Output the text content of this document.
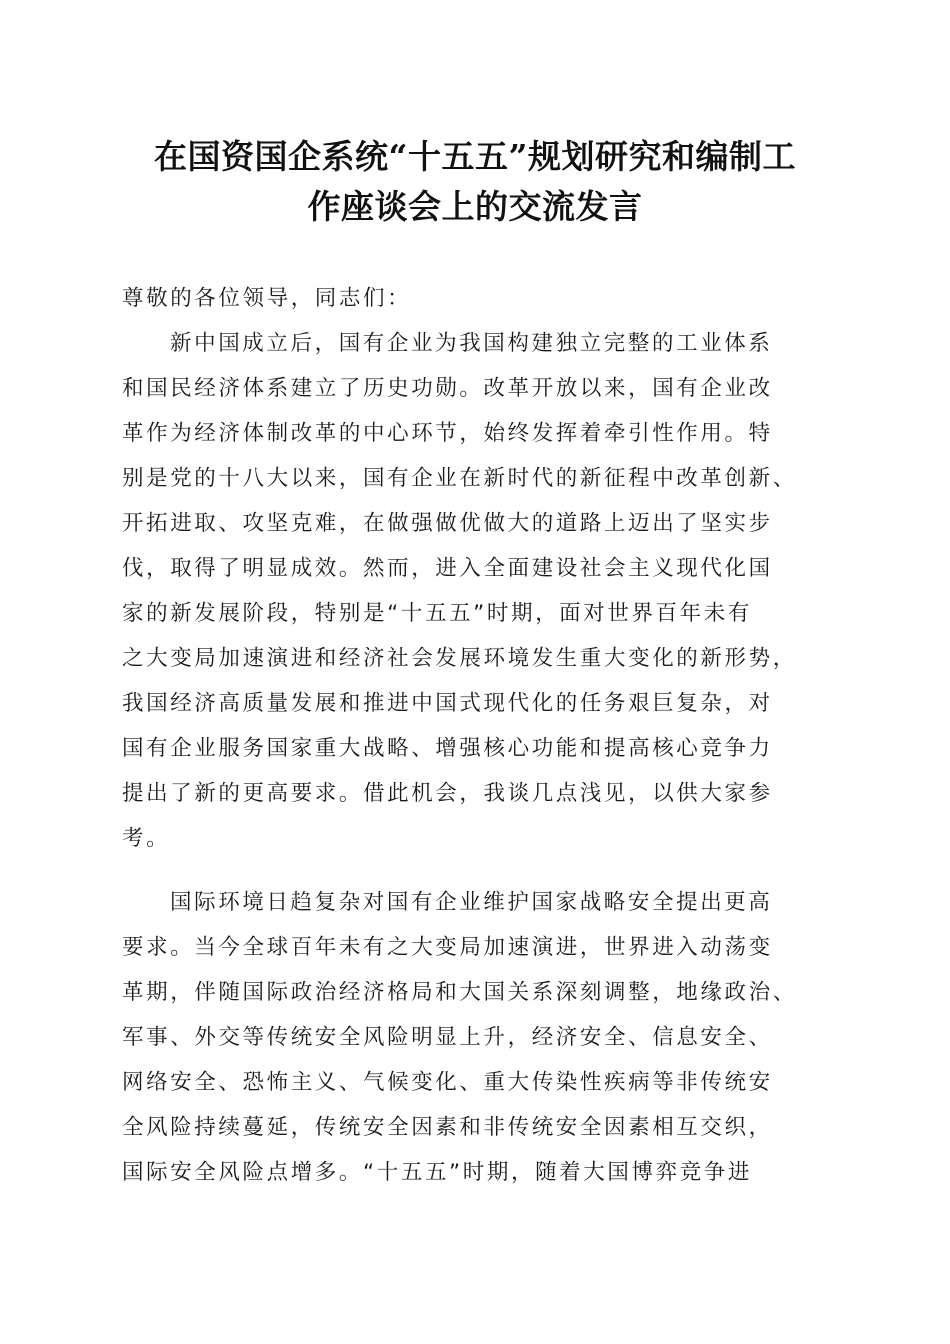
在国资国企系统“十五五”规划研究和编制工
作座谈会上的交流发言
尊敬的各位领导，同志们：
新中国成立后，国有企业为我国构建独立完整的工业体系
和国民经济体系建立了历史功勋。改革开放以来，国有企业改
革作为经济体制改革的中心环节，始终发挥着牵引性作用。特
别是党的十八大以来，国有企业在新时代的新征程中改革创新、
开拓进取、攻坚克难，在做强做优做大的道路上迈出了坚实步
伐，取得了明显成效。然而，进入全面建设社会主义现代化国
家的新发展阶段，特别是“十五五”时期，面对世界百年未有
之大变局加速演进和经济社会发展环境发生重大变化的新形势，
我国经济高质量发展和推进中国式现代化的任务艰巨复杂，对
国有企业服务国家重大战略、增强核心功能和提高核心竞争力
提出了新的更高要求。借此机会，我谈几点浅见，以供大家参
考。
国际环境日趋复杂对国有企业维护国家战略安全提出更高
要求。当今全球百年未有之大变局加速演进，世界进入动荡变
革期，伴随国际政治经济格局和大国关系深刻调整，地缘政治、
军事、外交等传统安全风险明显上升，经济安全、信息安全、
网络安全、恐怖主义、气候变化、重大传染性疾病等非传统安
全风险持续蔓延，传统安全因素和非传统安全因素相互交织，
国际安全风险点增多。“十五五”时期，随着大国博弈竞争进
